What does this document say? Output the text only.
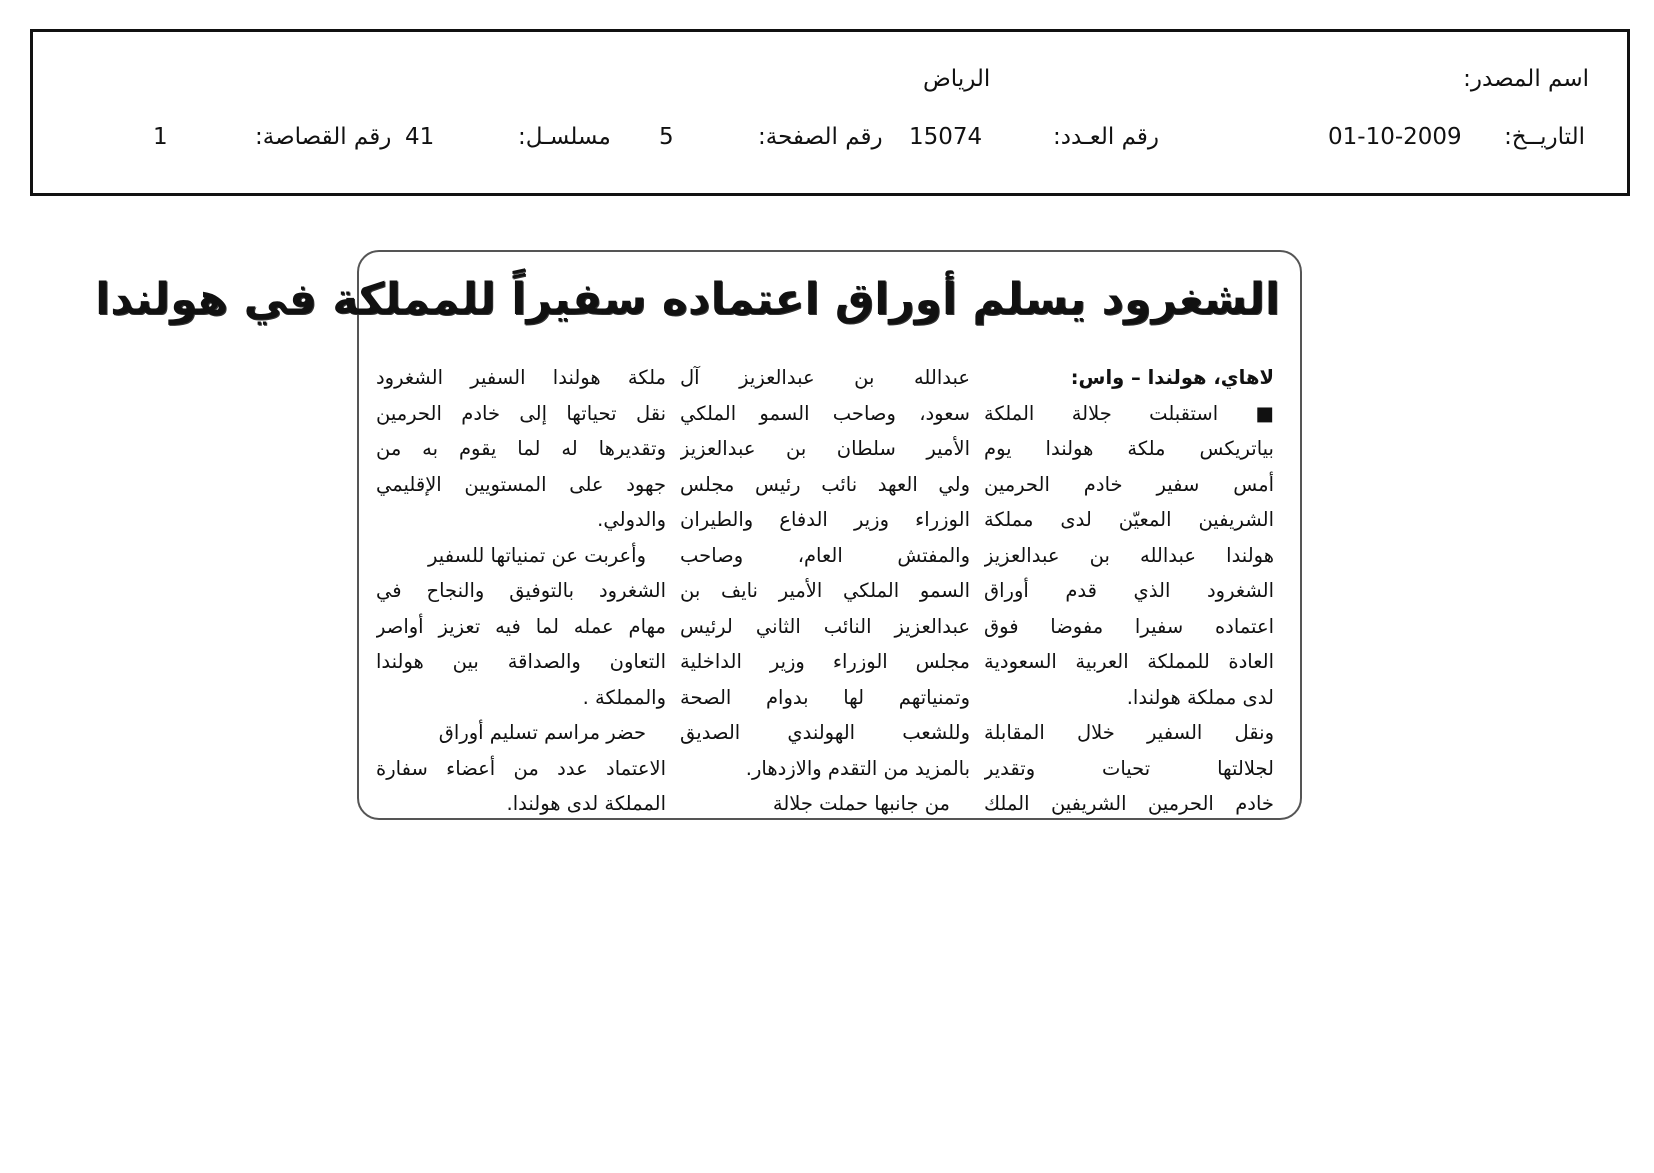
اسم المصدر:
الرياض
التاريــخ:
01-10-2009
رقم العـدد:
15074
رقم الصفحة:
5
مسلسـل:
41
رقم القصاصة:
1
الشغرود يسلم أوراق اعتماده سفيراً للمملكة في هولندا
لاهاي، هولندا – واس:
■ استقبلت جلالة الملكة
بياتريكس ملكة هولندا يوم
أمس سفير خادم الحرمين
الشريفين المعيّن لدى مملكة
هولندا عبدالله بن عبدالعزيز
الشغرود الذي قدم أوراق
اعتماده سفيرا مفوضا فوق
العادة للمملكة العربية السعودية
لدى مملكة هولندا.
ونقل السفير خلال المقابلة
لجلالتها تحيات وتقدير
خادم الحرمين الشريفين الملك
عبدالله بن عبدالعزيز آل
سعود، وصاحب السمو الملكي
الأمير سلطان بن عبدالعزيز
ولي العهد نائب رئيس مجلس
الوزراء وزير الدفاع والطيران
والمفتش العام، وصاحب
السمو الملكي الأمير نايف بن
عبدالعزيز النائب الثاني لرئيس
مجلس الوزراء وزير الداخلية
وتمنياتهم لها بدوام الصحة
وللشعب الهولندي الصديق
بالمزيد من التقدم والازدهار.
من جانبها حملت جلالة
ملكة هولندا السفير الشغرود
نقل تحياتها إلى خادم الحرمين
وتقديرها له لما يقوم به من
جهود على المستويين الإقليمي
والدولي.
وأعربت عن تمنياتها للسفير
الشغرود بالتوفيق والنجاح في
مهام عمله لما فيه تعزيز أواصر
التعاون والصداقة بين هولندا
والمملكة .
حضر مراسم تسليم أوراق
الاعتماد عدد من أعضاء سفارة
المملكة لدى هولندا.
